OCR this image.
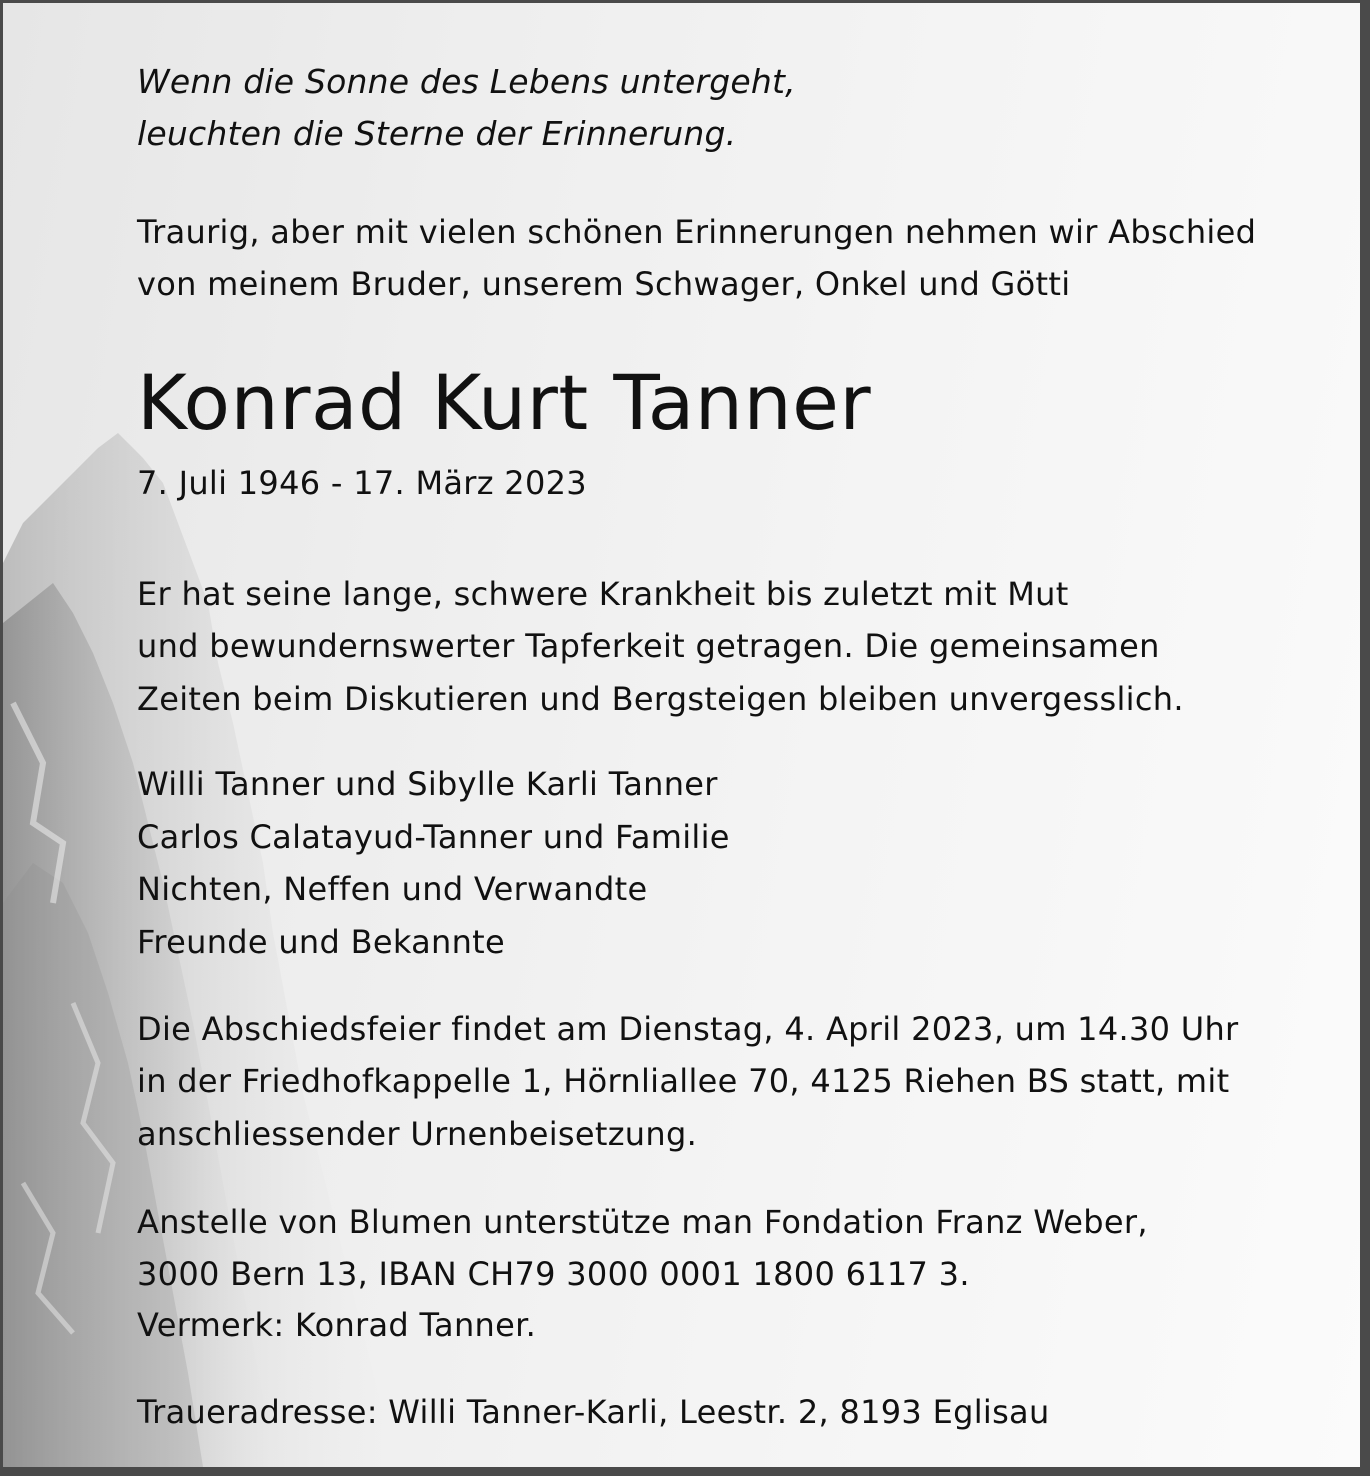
Wenn die Sonne des Lebens untergeht,
leuchten die Sterne der Erinnerung.
Traurig, aber mit vielen schönen Erinnerungen nehmen wir Abschied
von meinem Bruder, unserem Schwager, Onkel und Götti
Konrad Kurt Tanner
7. Juli 1946 - 17. März 2023
Er hat seine lange, schwere Krankheit bis zuletzt mit Mut
und bewundernswerter Tapferkeit getragen. Die gemeinsamen
Zeiten beim Diskutieren und Bergsteigen bleiben unvergesslich.
Willi Tanner und Sibylle Karli Tanner
Carlos Calatayud-Tanner und Familie
Nichten, Neffen und Verwandte
Freunde und Bekannte
Die Abschiedsfeier findet am Dienstag, 4. April 2023, um 14.30 Uhr
in der Friedhofkappelle 1, Hörnliallee 70, 4125 Riehen BS statt, mit
anschliessender Urnenbeisetzung.
Anstelle von Blumen unterstütze man Fondation Franz Weber,
3000 Bern 13, IBAN CH79 3000 0001 1800 6117 3.
Vermerk: Konrad Tanner.
Traueradresse: Willi Tanner-Karli, Leestr. 2, 8193 Eglisau
